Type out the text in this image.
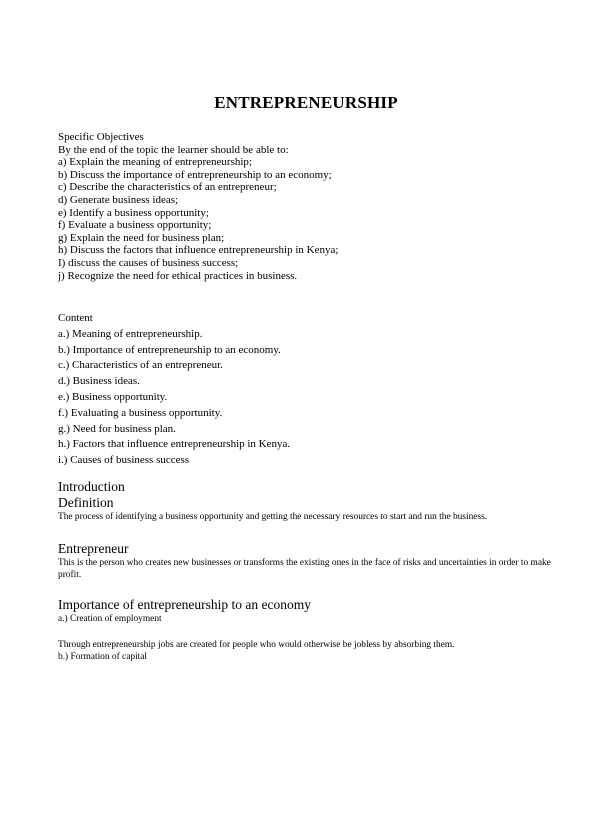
ENTREPRENEURSHIP
Specific Objectives
By the end of the topic the learner should be able to:
a) Explain the meaning of entrepreneurship;
b) Discuss the importance of entrepreneurship to an economy;
c) Describe the characteristics of an entrepreneur;
d) Generate business ideas;
e) Identify a business opportunity;
f) Evaluate a business opportunity;
g) Explain the need for business plan;
h) Discuss the factors that influence entrepreneurship in Kenya;
I) discuss the causes of business success;
j) Recognize the need for ethical practices in business.
Content
a.) Meaning of entrepreneurship.
b.) Importance of entrepreneurship to an economy.
c.) Characteristics of an entrepreneur.
d.) Business ideas.
e.) Business opportunity.
f.) Evaluating a business opportunity.
g.) Need for business plan.
h.) Factors that influence entrepreneurship in Kenya.
i.) Causes of business success
Introduction
Definition
The process of identifying a business opportunity and getting the necessary resources to start and run the business.
Entrepreneur
This is the person who creates new businesses or transforms the existing ones in the face of risks and uncertainties in order to make profit.
Importance of entrepreneurship to an economy
a.) Creation of employment
Through entrepreneurship jobs are created for people who would otherwise be jobless by absorbing them.
b.) Formation of capital
